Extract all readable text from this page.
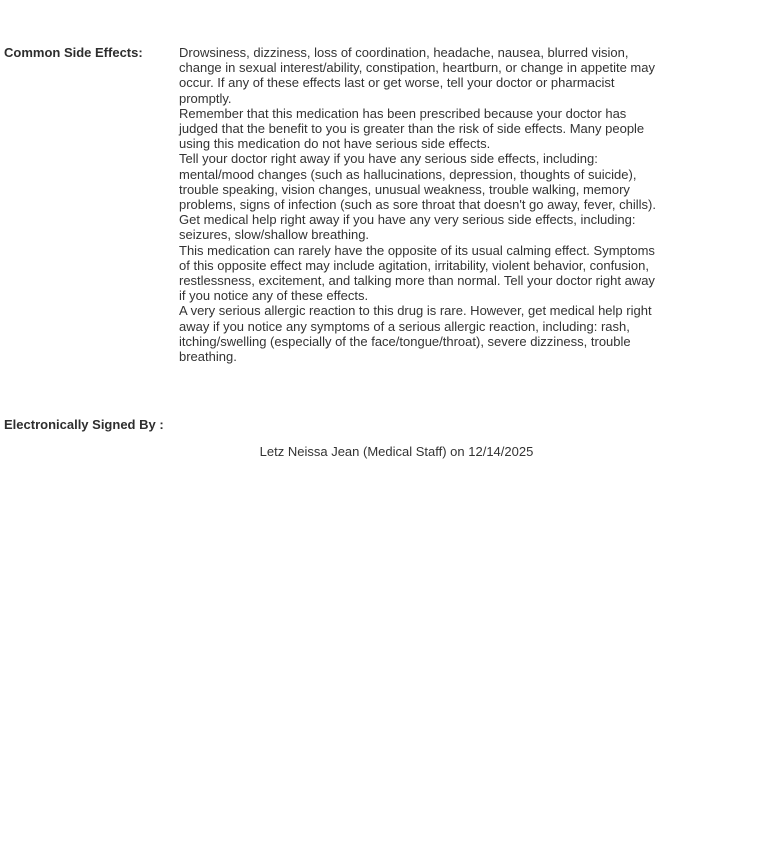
Common Side Effects:	Drowsiness, dizziness, loss of coordination, headache, nausea, blurred vision, change in sexual interest/ability, constipation, heartburn, or change in appetite may occur. If any of these effects last or get worse, tell your doctor or pharmacist promptly.

Remember that this medication has been prescribed because your doctor has judged that the benefit to you is greater than the risk of side effects. Many people using this medication do not have serious side effects.

Tell your doctor right away if you have any serious side effects, including: mental/mood changes (such as hallucinations, depression, thoughts of suicide), trouble speaking, vision changes, unusual weakness, trouble walking, memory problems, signs of infection (such as sore throat that doesn't go away, fever, chills).

Get medical help right away if you have any very serious side effects, including: seizures, slow/shallow breathing.

This medication can rarely have the opposite of its usual calming effect. Symptoms of this opposite effect may include agitation, irritability, violent behavior, confusion, restlessness, excitement, and talking more than normal. Tell your doctor right away if you notice any of these effects.

A very serious allergic reaction to this drug is rare. However, get medical help right away if you notice any symptoms of a serious allergic reaction, including: rash, itching/swelling (especially of the face/tongue/throat), severe dizziness, trouble breathing.

Electronically Signed By :
Letz Neissa Jean (Medical Staff) on 12/14/2025
